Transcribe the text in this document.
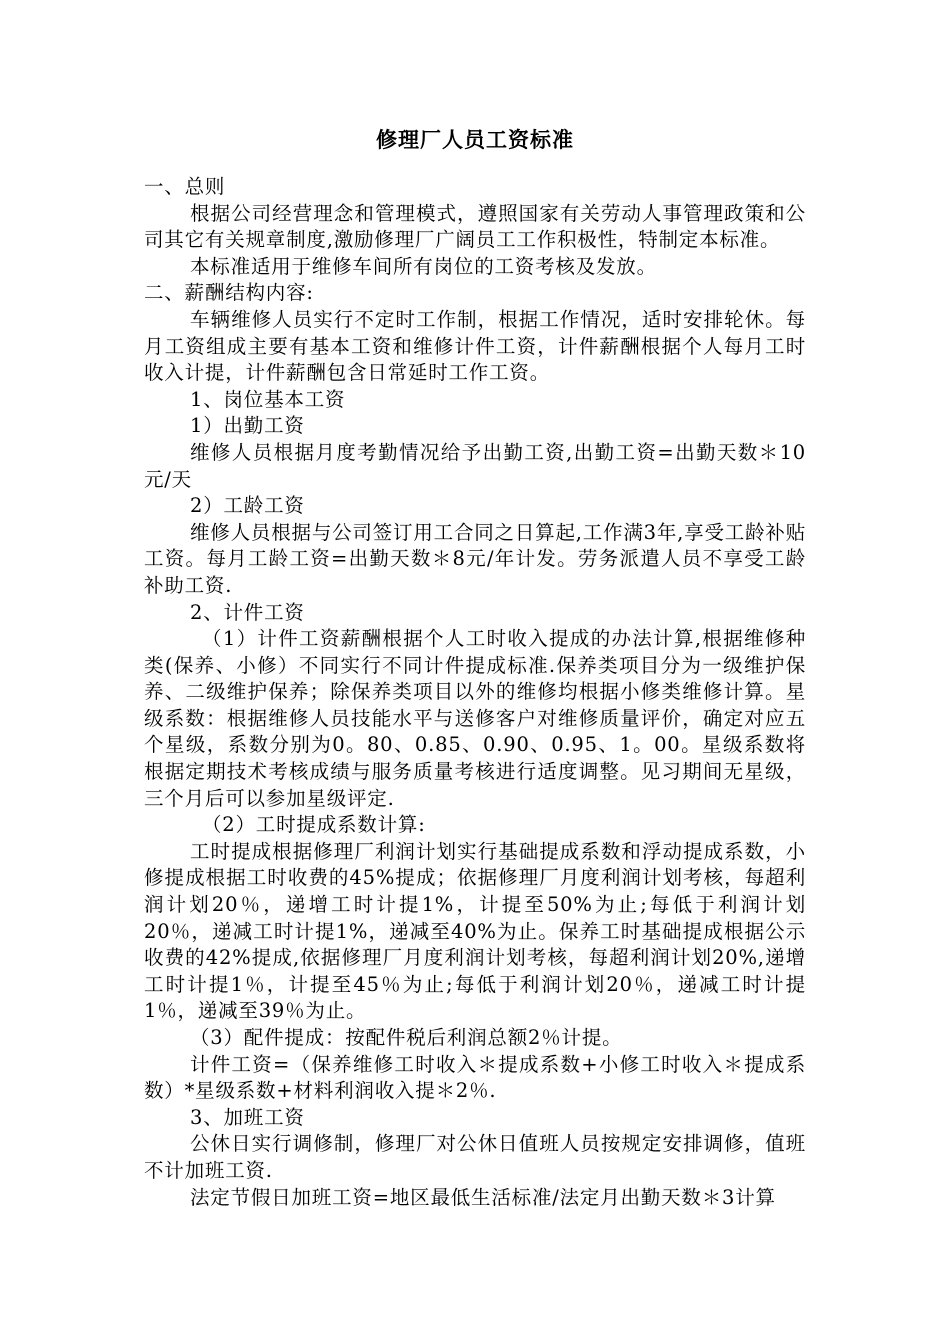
修理厂人员工资标准

一、总则

根据公司经营理念和管理模式，遵照国家有关劳动人事管理政策和公司其它有关规章制度,激励修理厂广阔员工工作积极性，特制定本标准。

本标准适用于维修车间所有岗位的工资考核及发放。

二、薪酬结构内容:

车辆维修人员实行不定时工作制，根据工作情况，适时安排轮休。每月工资组成主要有基本工资和维修计件工资，计件薪酬根据个人每月工时收入计提，计件薪酬包含日常延时工作工资。

1、岗位基本工资

1）出勤工资

维修人员根据月度考勤情况给予出勤工资,出勤工资=出勤天数＊10元/天

2）工龄工资

维修人员根据与公司签订用工合同之日算起,工作满3年,享受工龄补贴工资。每月工龄工资=出勤天数＊8元/年计发。劳务派遣人员不享受工龄补助工资.

2、计件工资

（1）计件工资薪酬根据个人工时收入提成的办法计算,根据维修种类(保养、小修）不同实行不同计件提成标准.保养类项目分为一级维护保养、二级维护保养；除保养类项目以外的维修均根据小修类维修计算。星级系数：根据维修人员技能水平与送修客户对维修质量评价，确定对应五个星级，系数分别为0。80、0.85、0.90、0.95、1。00。星级系数将根据定期技术考核成绩与服务质量考核进行适度调整。见习期间无星级，三个月后可以参加星级评定.

（2）工时提成系数计算:

工时提成根据修理厂利润计划实行基础提成系数和浮动提成系数，小修提成根据工时收费的45%提成；依据修理厂月度利润计划考核，每超利润计划20％，递增工时计提1%，计提至50%为止;每低于利润计划20％，递减工时计提1%，递减至40%为止。保养工时基础提成根据公示收费的42%提成,依据修理厂月度利润计划考核，每超利润计划20%,递增工时计提1％，计提至45％为止;每低于利润计划20％，递减工时计提1％，递减至39％为止。

（3）配件提成：按配件税后利润总额2％计提。

计件工资=（保养维修工时收入＊提成系数+小修工时收入＊提成系数）*星级系数+材料利润收入提＊2％.

3、加班工资

公休日实行调修制，修理厂对公休日值班人员按规定安排调修，值班不计加班工资.

法定节假日加班工资=地区最低生活标准/法定月出勤天数＊3计算
